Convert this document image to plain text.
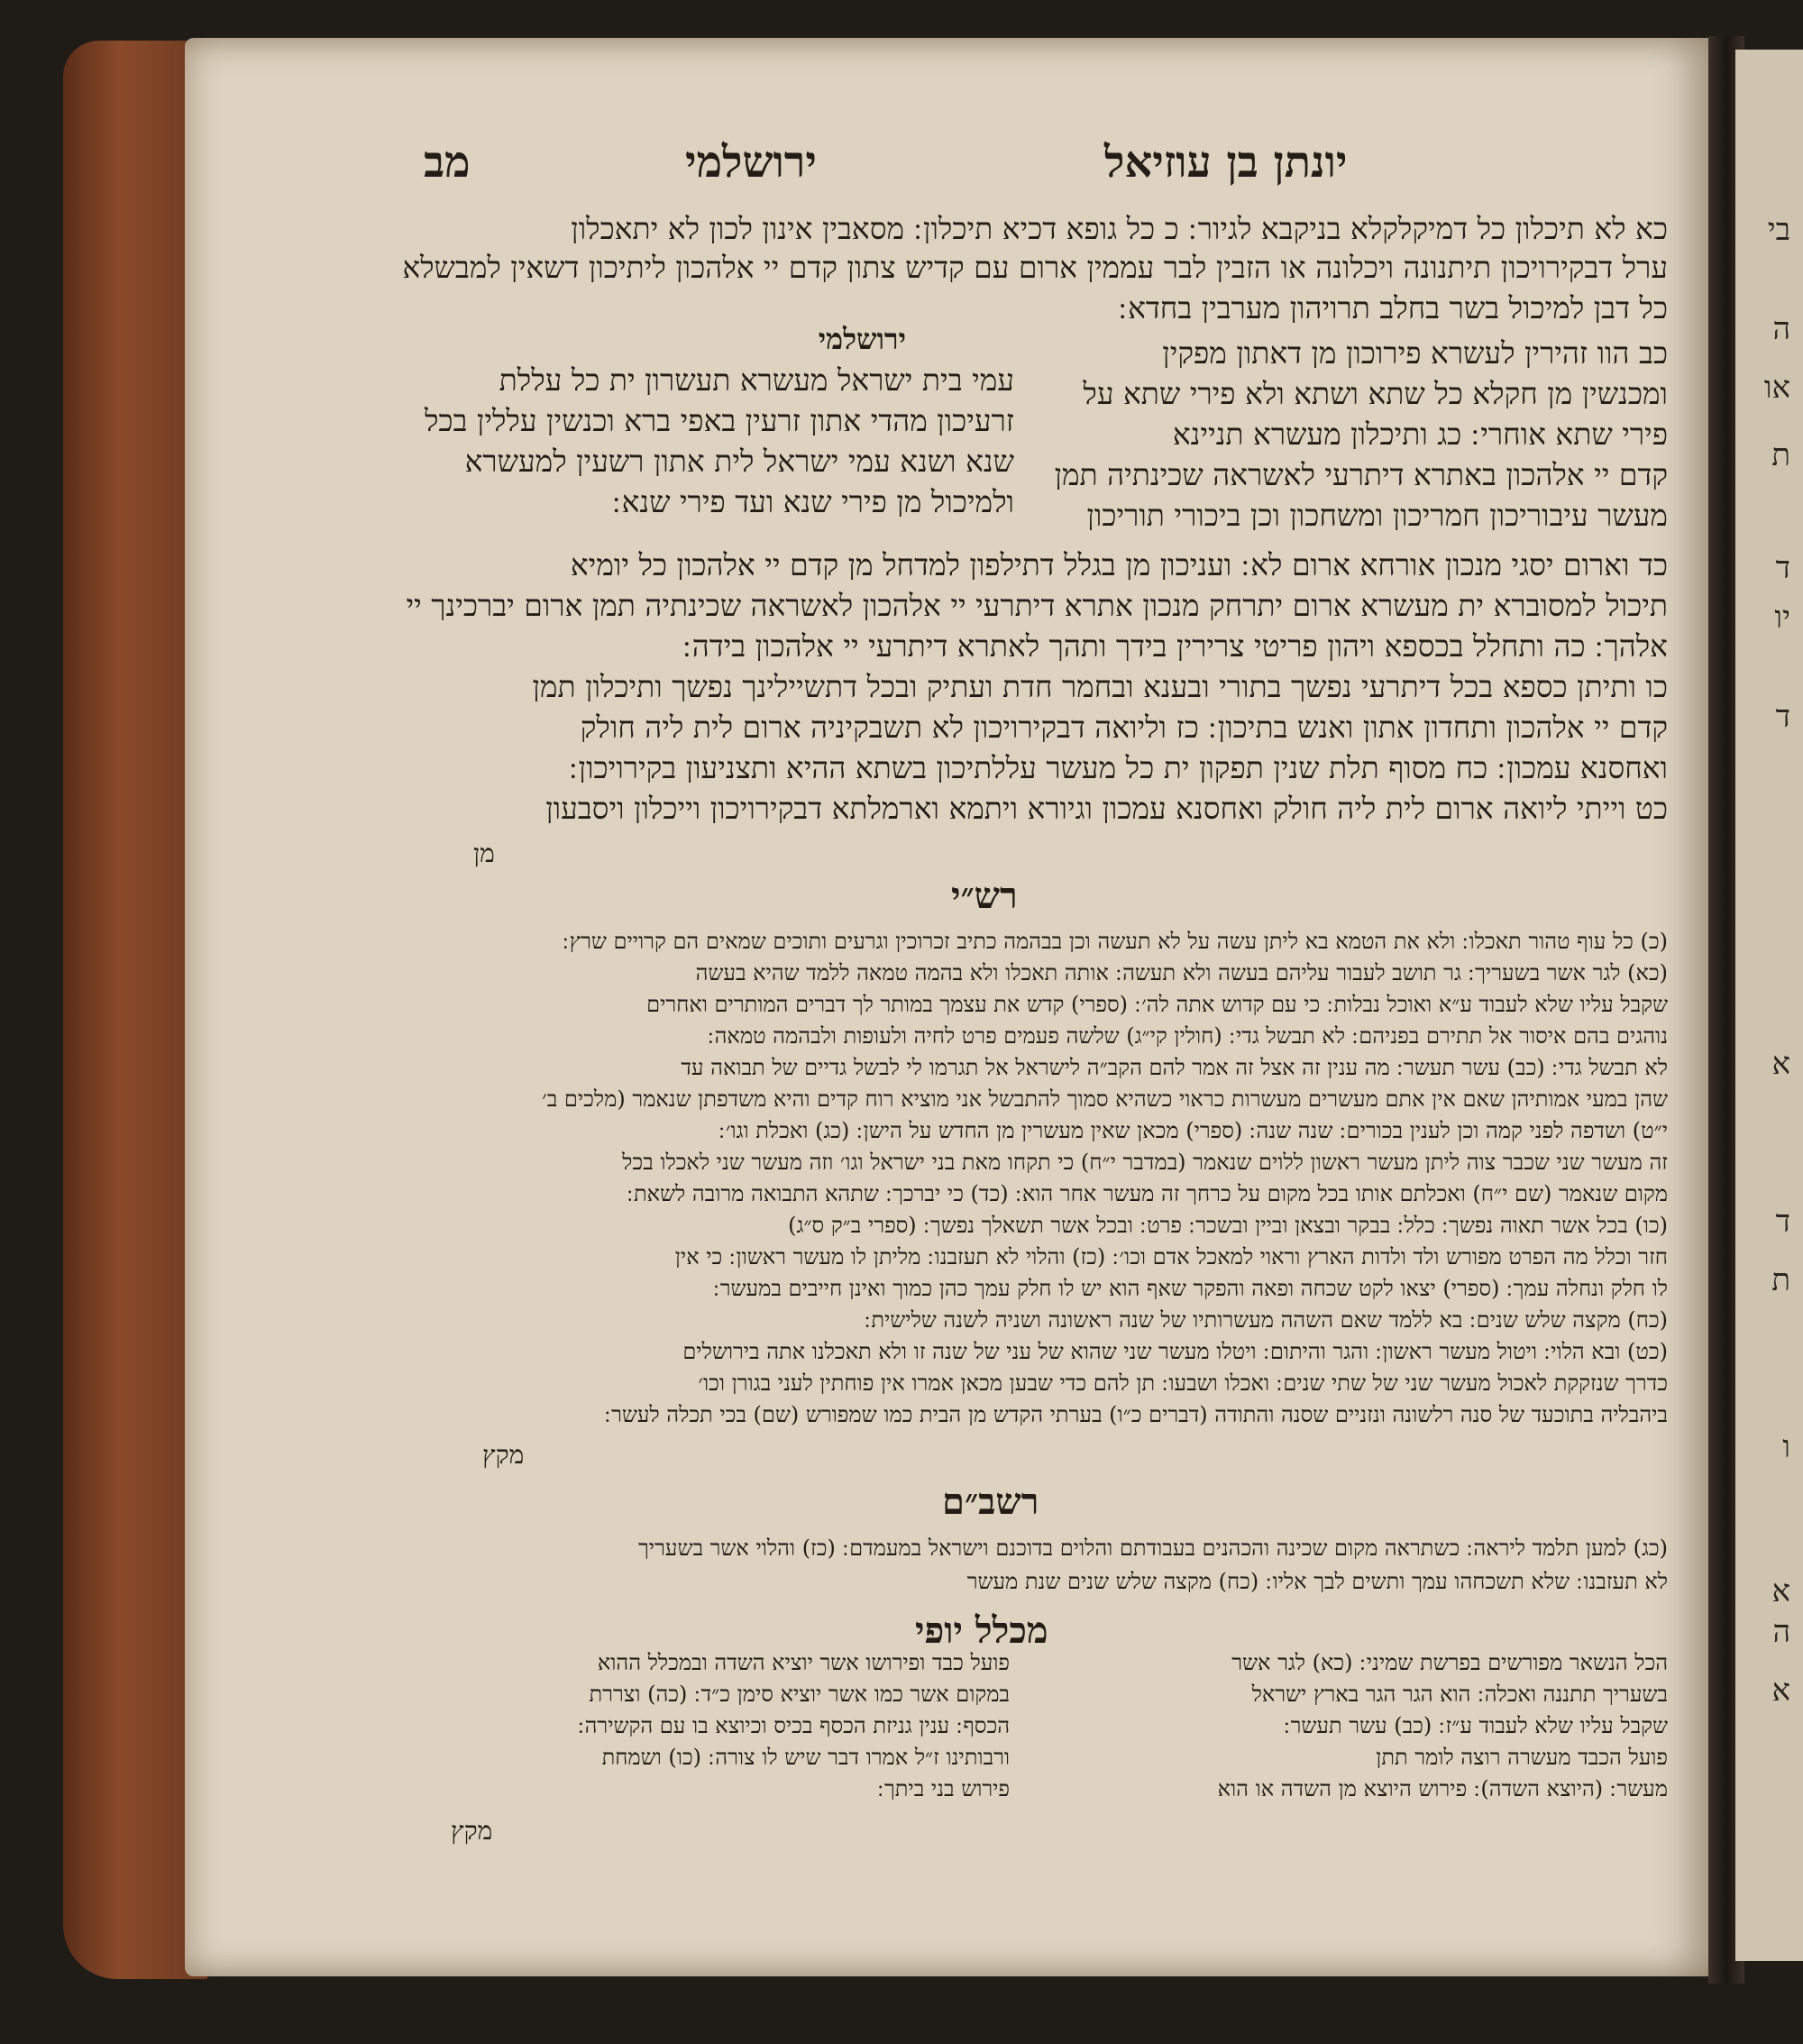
יונתן בן עוזיאל
ירושלמי
מב
כא לא תיכלון כל דמיקלקלא בניקבא לגיור ׃ כ כל גופא דכיא תיכלון ׃ מסאבין אינון לכון לא יתאכלון
ערל דבקירויכון תיתנונה ויכלונה או הזבין לבר עממין ארום עם קדיש צתון קדם יי אלהכון ליתיכון דשאין למבשלא
כל דבן למיכול בשר בחלב תרויהון מערבין בחדא ׃
כב הוו זהירין לעשרא פירוכון מן דאתון מפקין
ומכנשין מן חקלא כל שתא ושתא ולא פירי שתא על
פירי שתא אוחרי ׃ כג ותיכלון מעשרא תניינא
קדם יי אלהכון באתרא דיתרעי לאשראה שכינתיה תמן
מעשר עיבוריכון חמריכון ומשחכון וכן ביכורי תוריכון
ירושלמי
עמי בית ישראל מעשרא תעשרון ית כל עללת
זרעיכון מהדי אתון זרעין באפי ברא וכנשין עללין בכל
שנא ושנא עמי ישראל לית אתון רשעין למעשרא
ולמיכול מן פירי שנא ועד פירי שנא ׃
כד וארום יסגי מנכון אורחא ארום לא ׃ ועניכון מן בגלל דתילפון למדחל מן קדם יי אלהכון כל יומיא
תיכול למסוברא ית מעשרא ארום יתרחק מנכון אתרא דיתרעי יי אלהכון לאשראה שכינתיה תמן ארום יברכינך יי
אלהך ׃ כה ותחלל בכספא ויהון פריטי צרירין בידך ותהך לאתרא דיתרעי יי אלהכון בידה ׃
כו ותיתן כספא בכל דיתרעי נפשך בתורי ובענא ובחמר חדת ועתיק ובכל דתשיילינך נפשך ותיכלון תמן
קדם יי אלהכון ותחדון אתון ואנש בתיכון ׃ כז וליואה דבקירויכון לא תשבקיניה ארום לית ליה חולק
ואחסנא עמכון ׃ כח מסוף תלת שנין תפקון ית כל מעשר עללתיכון בשתא ההיא ותצניעון בקירויכון ׃
כט וייתי ליואה ארום לית ליה חולק ואחסנא עמכון וגיורא ויתמא וארמלתא דבקירויכון וייכלון ויסבעון
מן
רש״י
(כ) כל עוף טהור תאכלו ׃ ולא את הטמא בא ליתן עשה על לא תעשה וכן בבהמה כתיב זכרוכין וגרעים ותוכים שמאים הם קרויים שרץ ׃
(כא) לגר אשר בשעריך ׃ גר תושב לעבור עליהם בעשה ולא תעשה ׃ אותה תאכלו ולא בהמה טמאה ללמד שהיא בעשה
שקבל עליו שלא לעבוד ע״א ואוכל נבלות ׃ כי עם קדוש אתה לה׳ ׃ (ספרי) קדש את עצמך במותר לך דברים המותרים ואחרים
נוהגים בהם איסור אל תתירם בפניהם ׃ לא תבשל גדי ׃ (חולין קי״ג) שלשה פעמים פרט לחיה ולעופות ולבהמה טמאה ׃
לא תבשל גדי ׃ (כב) עשר תעשר ׃ מה ענין זה אצל זה אמר להם הקב״ה לישראל אל תגרמו לי לבשל גדיים של תבואה עד
שהן במעי אמותיהן שאם אין אתם מעשרים מעשרות כראוי כשהיא סמוך להתבשל אני מוציא רוח קדים והיא משדפתן שנאמר (מלכים ב׳
י״ט) ושדפה לפני קמה וכן לענין בכורים ׃ שנה שנה ׃ (ספרי) מכאן שאין מעשרין מן החדש על הישן ׃ (כג) ואכלת וגו׳ ׃
זה מעשר שני שכבר צוה ליתן מעשר ראשון ללוים שנאמר (במדבר י״ח) כי תקחו מאת בני ישראל וגו׳ וזה מעשר שני לאכלו בכל
מקום שנאמר (שם י״ח) ואכלתם אותו בכל מקום על כרחך זה מעשר אחר הוא ׃ (כד) כי יברכך ׃ שתהא התבואה מרובה לשאת ׃
(כו) בכל אשר תאוה נפשך ׃ כלל ׃ בבקר ובצאן וביין ובשכר ׃ פרט ׃ ובכל אשר תשאלך נפשך ׃ (ספרי ב״ק ס״ג)
חזר וכלל מה הפרט מפורש ולד ולדות הארץ וראוי למאכל אדם וכו׳ ׃ (כז) והלוי לא תעזבנו ׃ מליתן לו מעשר ראשון ׃ כי אין
לו חלק ונחלה עמך ׃ (ספרי) יצאו לקט שכחה ופאה והפקר שאף הוא יש לו חלק עמך כהן כמוך ואינן חייבים במעשר ׃
(כח) מקצה שלש שנים ׃ בא ללמד שאם השהה מעשרותיו של שנה ראשונה ושניה לשנה שלישית ׃
(כט) ובא הלוי ׃ ויטול מעשר ראשון ׃ והגר והיתום ׃ ויטלו מעשר שני שהוא של עני של שנה זו ולא תאכלנו אתה בירושלים
כדרך שנזקקת לאכול מעשר שני של שתי שנים ׃ ואכלו ושבעו ׃ תן להם כדי שבען מכאן אמרו אין פוחתין לעני בגורן וכו׳
ביהבליה בתוכעד של סנה רלשונה ונזניים שסנה והתודה (דברים כ״ו) בערתי הקדש מן הבית כמו שמפורש (שם) בכי תכלה לעשר ׃
מקץ
רשב״ם
(כג) למען תלמד ליראה ׃ כשתראה מקום שכינה והכהנים בעבודתם והלוים בדוכנם וישראל במעמדם ׃ (כז) והלוי אשר בשעריך
לא תעזבנו ׃ שלא תשכחהו עמך ותשים לבך אליו ׃ (כח) מקצה שלש שנים שנת מעשר
מכלל יופי
הכל הנשאר מפורשים בפרשת שמיני ׃ (כא) לגר אשר
בשעריך תתננה ואכלה ׃ הוא הגר הגר בארץ ישראל
שקבל עליו שלא לעבוד ע״ז ׃ (כב) עשר תעשר ׃
פועל הכבד מעשרה רוצה לומר תתן
מעשר ׃ (היוצא השדה) ׃ פירוש היוצא מן השדה או הוא
פועל כבד ופירושו אשר יוציא השדה ובמכלל ההוא
במקום אשר כמו אשר יוציא סימן כ״ד ׃ (כה) וצררת
הכסף ׃ ענין גניזת הכסף בכיס וכיוצא בו עם הקשירה ׃
ורבותינו ז״ל אמרו דבר שיש לו צורה ׃ (כו) ושמחת
פירוש בני ביתך ׃
מקץ
בי
ה
או
ת
ד
יו
ד
א
ד
ת
ו
א
ה
א
